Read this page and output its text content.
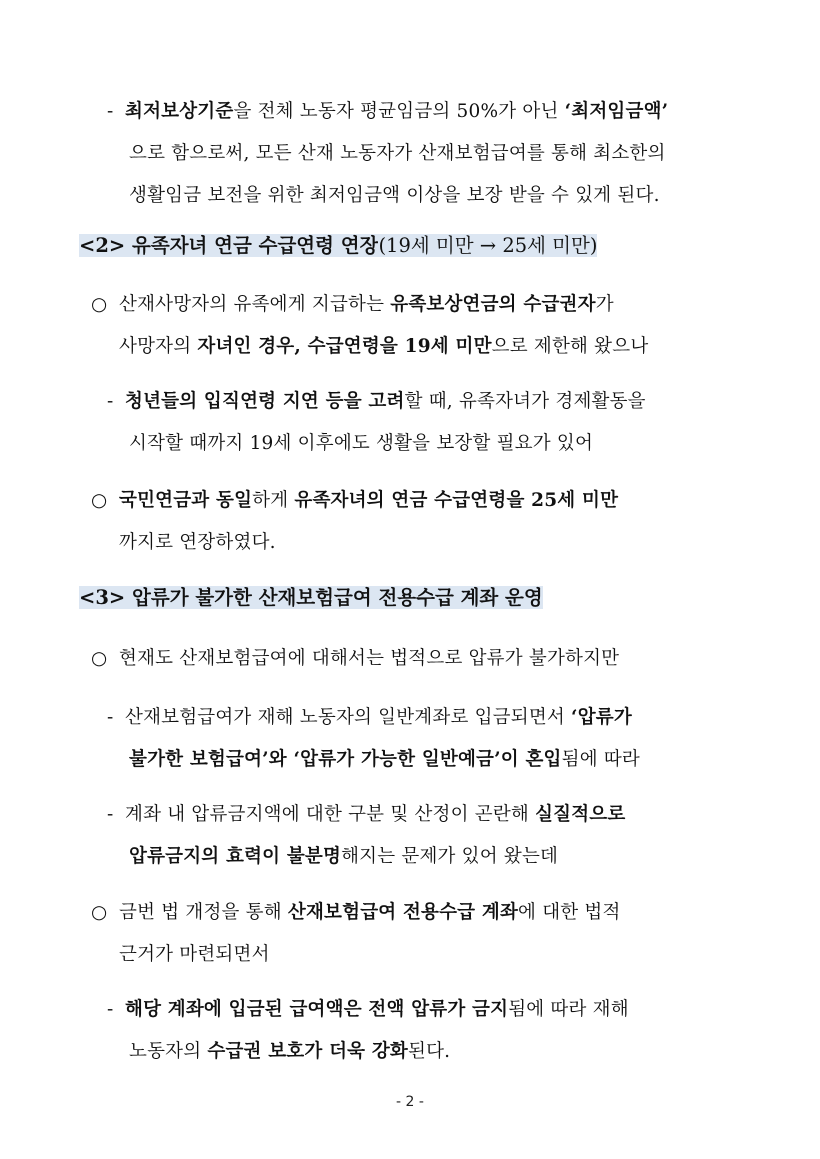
- 최저보상기준을 전체 노동자 평균임금의 50%가 아닌 ‘최저임금액’
으로 함으로써, 모든 산재 노동자가 산재보험급여를 통해 최소한의
생활임금 보전을 위한 최저임금액 이상을 보장 받을 수 있게 된다.
<2> 유족자녀 연금 수급연령 연장(19세 미만 → 25세 미만)
○ 산재사망자의 유족에게 지급하는 유족보상연금의 수급권자가
사망자의 자녀인 경우, 수급연령을 19세 미만으로 제한해 왔으나
- 청년들의 입직연령 지연 등을 고려할 때, 유족자녀가 경제활동을
시작할 때까지 19세 이후에도 생활을 보장할 필요가 있어
○ 국민연금과 동일하게 유족자녀의 연금 수급연령을 25세 미만
까지로 연장하였다.
<3> 압류가 불가한 산재보험급여 전용수급 계좌 운영
○ 현재도 산재보험급여에 대해서는 법적으로 압류가 불가하지만
- 산재보험급여가 재해 노동자의 일반계좌로 입금되면서 ‘압류가
불가한 보험급여’와 ‘압류가 가능한 일반예금’이 혼입됨에 따라
- 계좌 내 압류금지액에 대한 구분 및 산정이 곤란해 실질적으로
압류금지의 효력이 불분명해지는 문제가 있어 왔는데
○ 금번 법 개정을 통해 산재보험급여 전용수급 계좌에 대한 법적
근거가 마련되면서
- 해당 계좌에 입금된 급여액은 전액 압류가 금지됨에 따라 재해
노동자의 수급권 보호가 더욱 강화된다.
- 2 -
